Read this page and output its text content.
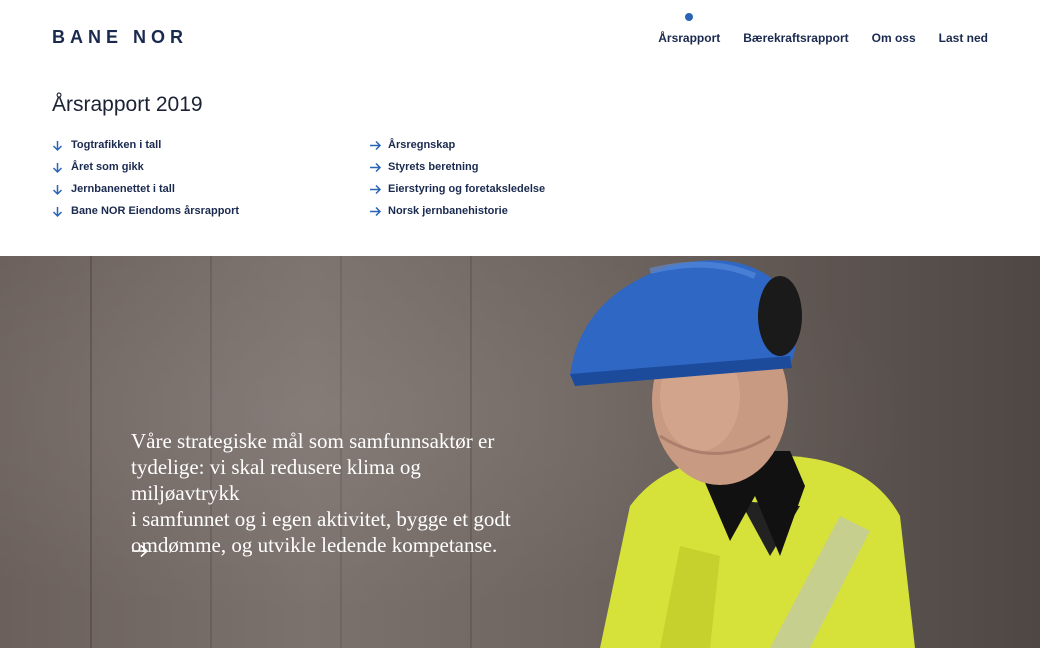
BANE NOR	Årsrapport Bærekraftsrapport Om oss Last ned
Årsrapport 2019
Togtrafikken i tall
Året som gikk
Jernbanenettet i tall
Bane NOR Eiendoms årsrapport
Årsregnskap
Styrets beretning
Eierstyring og foretaksledelse
Norsk jernbanehistorie
Våre strategiske mål som samfunnsaktør er
tydelige: vi skal redusere klima og miljøavtrykk
i samfunnet og i egen aktivitet, bygge et godt
omdømme, og utvikle ledende kompetanse.
